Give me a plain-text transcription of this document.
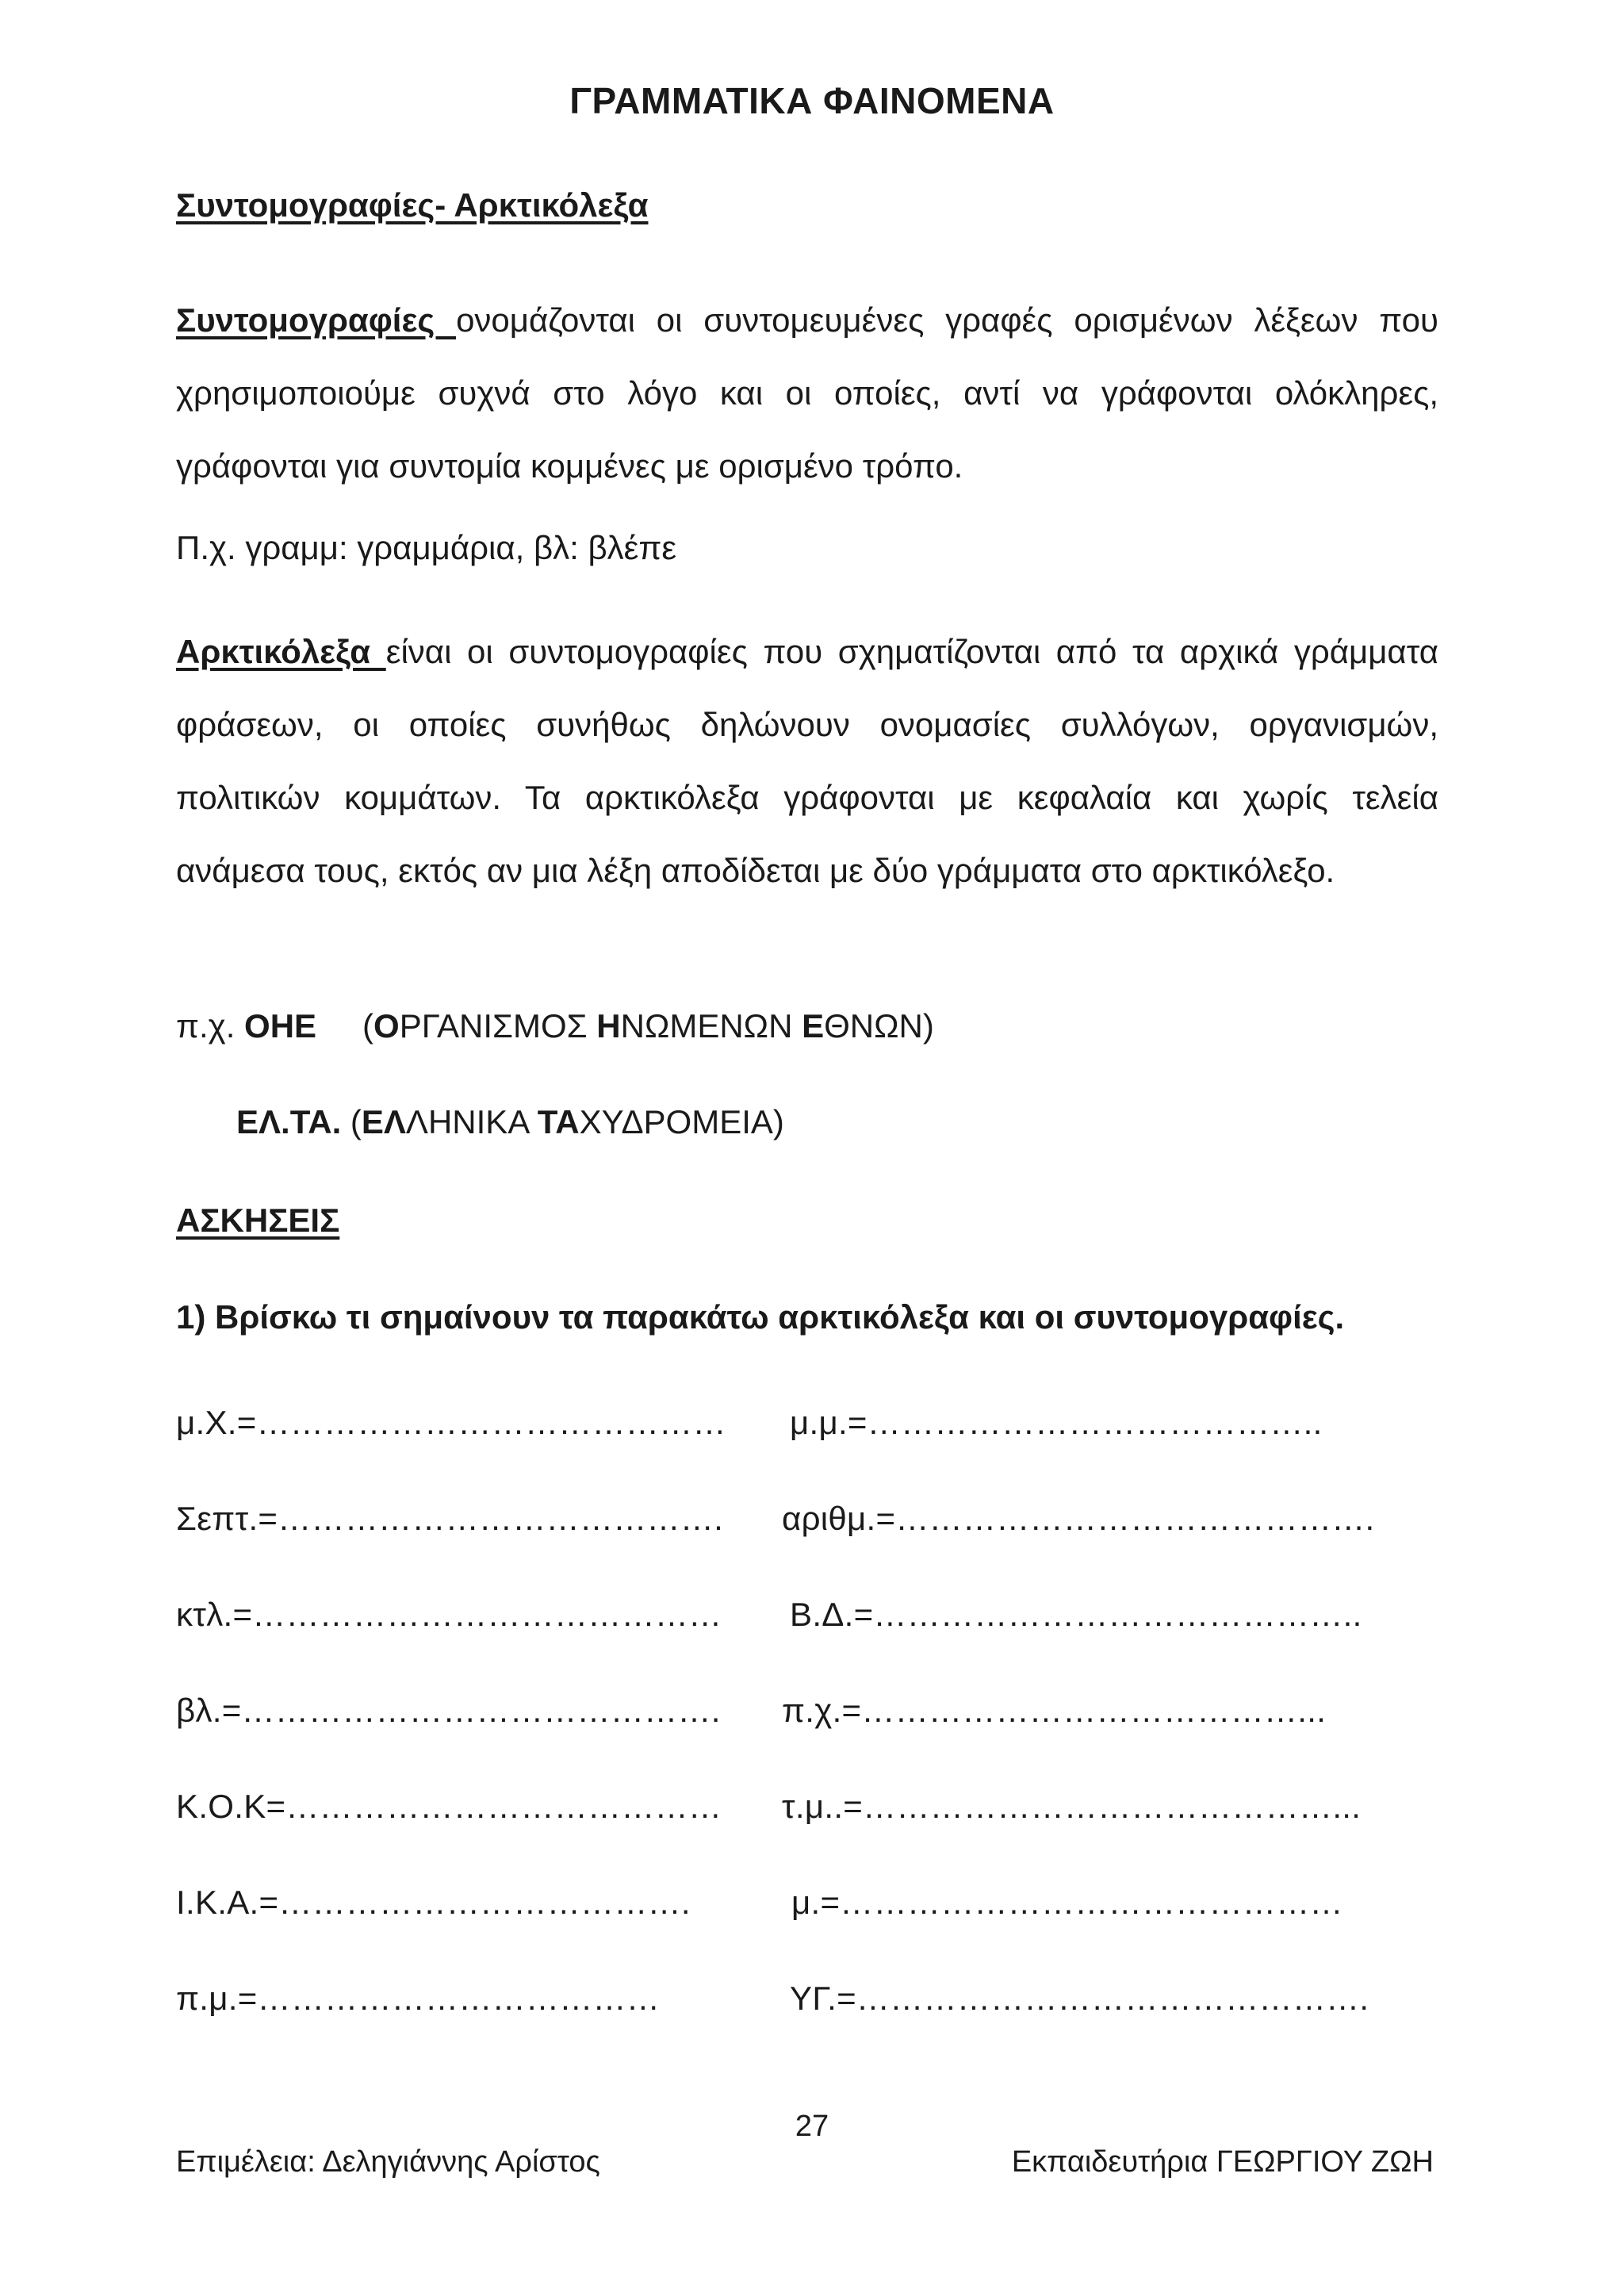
ΓΡΑΜΜΑΤΙΚΑ ΦΑΙΝΟΜΕΝΑ
Συντομογραφίες- Αρκτικόλεξα
Συντομογραφίες ονομάζονται οι συντομευμένες γραφές ορισμένων λέξεων που χρησιμοποιούμε συχνά στο λόγο και οι οποίες, αντί να γράφονται ολόκληρες, γράφονται για συντομία κομμένες με ορισμένο τρόπο.
Π.χ. γραμμ: γραμμάρια, βλ: βλέπε
Αρκτικόλεξα είναι οι συντομογραφίες που σχηματίζονται από τα αρχικά γράμματα φράσεων, οι οποίες συνήθως δηλώνουν ονομασίες συλλόγων, οργανισμών, πολιτικών κομμάτων. Τα αρκτικόλεξα γράφονται με κεφαλαία και χωρίς τελεία ανάμεσα τους, εκτός αν μια λέξη αποδίδεται με δύο γράμματα στο αρκτικόλεξο.
π.χ. ΟΗΕ (ΟΡΓΑΝΙΣΜΟΣ ΗΝΩΜΕΝΩΝ ΕΘΝΩΝ)
ΕΛ.ΤΑ. (ΕΛΛΗΝΙΚΑ ΤΑΧΥΔΡΟΜΕΙΑ)
ΑΣΚΗΣΕΙΣ
1) Βρίσκω τι σημαίνουν τα παρακάτω αρκτικόλεξα και οι συντομογραφίες.
μ.Χ.=……………………………………
Σεπτ.=………………………………….
κτλ.=……………………………………
βλ.=…………………………………….
Κ.Ο.Κ=…………………………………
Ι.Κ.Α.=……………………………….
π.μ.=………………………………
μ.μ.=…………………………………..
αριθμ.=…………………………………….
Β.Δ.=……………………………………..
π.χ.=…………………………………...
τ.μ..=……………………………………...
μ.=………………………………………
ΥΓ.=……………………………………….
27
Επιμέλεια: Δεληγιάννης Αρίστος	Εκπαιδευτήρια ΓΕΩΡΓΙΟΥ ΖΩΗ
